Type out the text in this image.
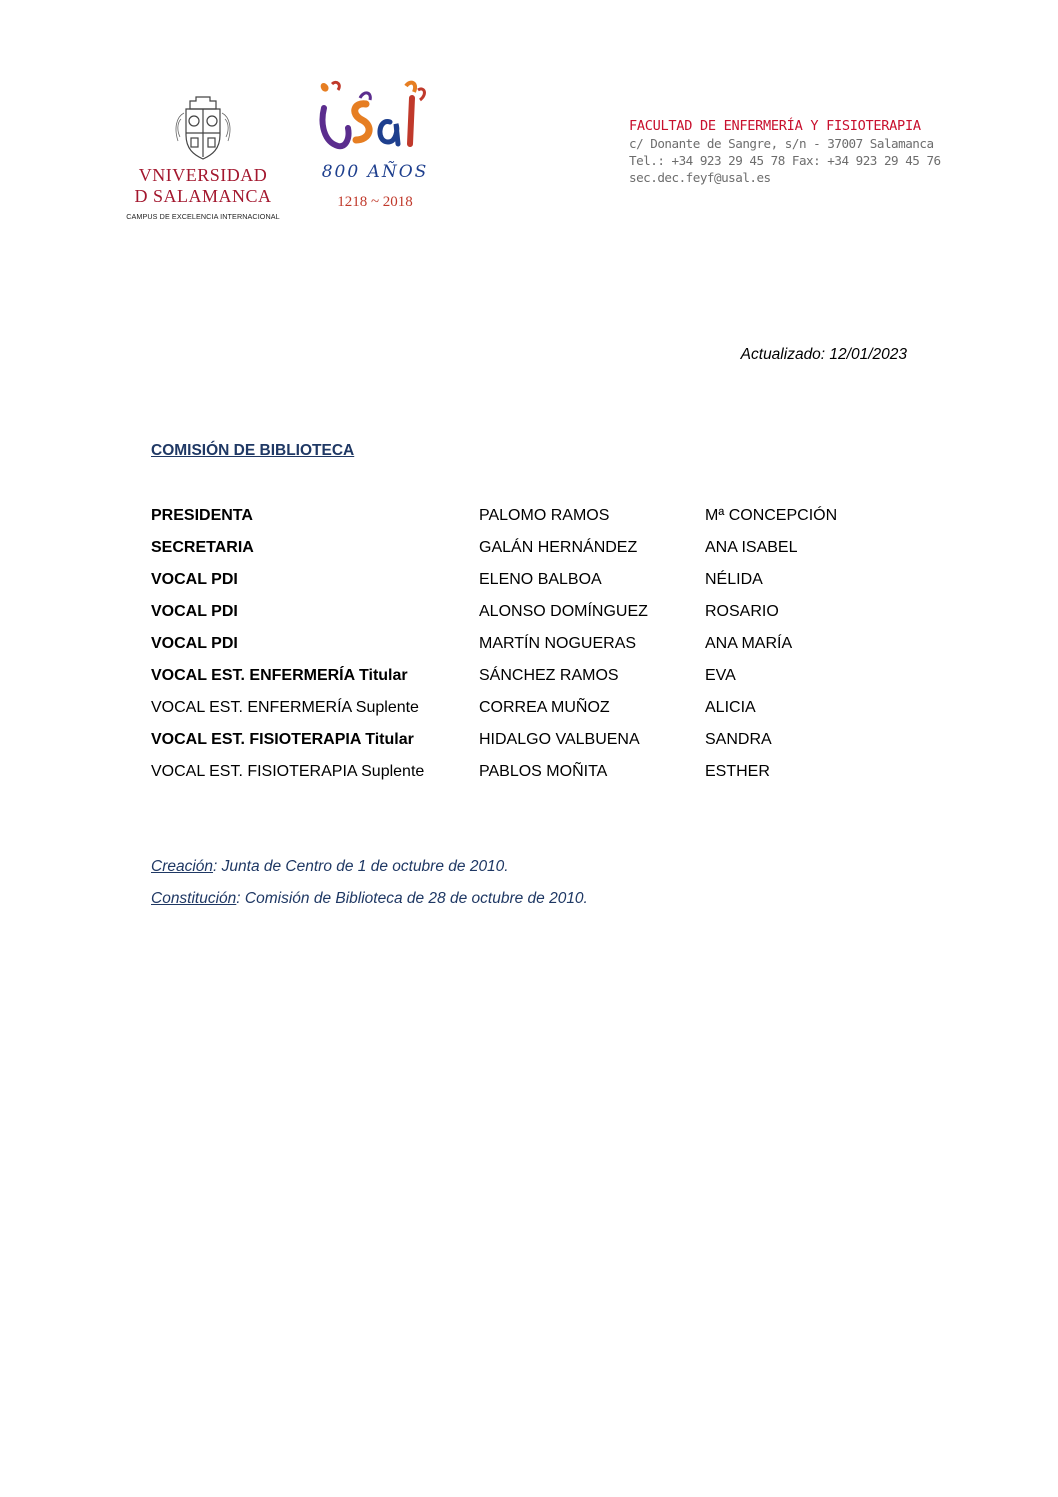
VNIVERSIDAD
D SALAMANCA
CAMPUS DE EXCELENCIA INTERNACIONAL
800 AÑOS
1218 ~ 2018
FACULTAD DE ENFERMERÍA Y FISIOTERAPIA
c/ Donante de Sangre, s/n - 37007 Salamanca
Tel.: +34 923 29 45 78 Fax: +34 923 29 45 76
sec.dec.feyf@usal.es
Actualizado: 12/01/2023
COMISIÓN DE BIBLIOTECA
PRESIDENTA	PALOMO RAMOS	Mª CONCEPCIÓN
SECRETARIA	GALÁN HERNÁNDEZ	ANA ISABEL
VOCAL PDI	ELENO BALBOA	NÉLIDA
VOCAL PDI	ALONSO DOMÍNGUEZ	ROSARIO
VOCAL PDI	MARTÍN NOGUERAS	ANA MARÍA
VOCAL EST. ENFERMERÍA Titular	SÁNCHEZ RAMOS	EVA
VOCAL EST. ENFERMERÍA Suplente	CORREA MUÑOZ	ALICIA
VOCAL EST. FISIOTERAPIA Titular	HIDALGO VALBUENA	SANDRA
VOCAL EST. FISIOTERAPIA Suplente	PABLOS MOÑITA	ESTHER
Creación: Junta de Centro de 1 de octubre de 2010.
Constitución: Comisión de Biblioteca de 28 de octubre de 2010.
